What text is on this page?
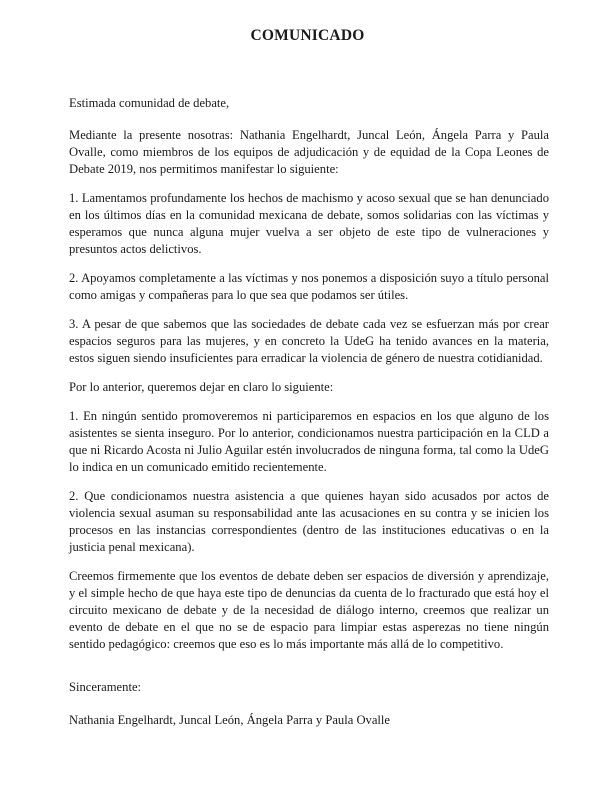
COMUNICADO

Estimada comunidad de debate,

Mediante la presente nosotras: Nathania Engelhardt, Juncal León, Ángela Parra y Paula Ovalle, como miembros de los equipos de adjudicación y de equidad de la Copa Leones de Debate 2019, nos permitimos manifestar lo siguiente:

1. Lamentamos profundamente los hechos de machismo y acoso sexual que se han denunciado en los últimos días en la comunidad mexicana de debate, somos solidarias con las víctimas y esperamos que nunca alguna mujer vuelva a ser objeto de este tipo de vulneraciones y presuntos actos delictivos.

2. Apoyamos completamente a las víctimas y nos ponemos a disposición suyo a título personal como amigas y compañeras para lo que sea que podamos ser útiles.

3. A pesar de que sabemos que las sociedades de debate cada vez se esfuerzan más por crear espacios seguros para las mujeres, y en concreto la UdeG ha tenido avances en la materia, estos siguen siendo insuficientes para erradicar la violencia de género de nuestra cotidianidad.

Por lo anterior, queremos dejar en claro lo siguiente:

1. En ningún sentido promoveremos ni participaremos en espacios en los que alguno de los asistentes se sienta inseguro. Por lo anterior, condicionamos nuestra participación en la CLD a que ni Ricardo Acosta ni Julio Aguilar estén involucrados de ninguna forma, tal como la UdeG lo indica en un comunicado emitido recientemente.

2. Que condicionamos nuestra asistencia a que quienes hayan sido acusados por actos de violencia sexual asuman su responsabilidad ante las acusaciones en su contra y se inicien los procesos en las instancias correspondientes (dentro de las instituciones educativas o en la justicia penal mexicana).

Creemos firmemente que los eventos de debate deben ser espacios de diversión y aprendizaje, y el simple hecho de que haya este tipo de denuncias da cuenta de lo fracturado que está hoy el circuito mexicano de debate y de la necesidad de diálogo interno, creemos que realizar un evento de debate en el que no se de espacio para limpiar estas asperezas no tiene ningún sentido pedagógico: creemos que eso es lo más importante más allá de lo competitivo.

Sinceramente:

Nathania Engelhardt, Juncal León, Ángela Parra y Paula Ovalle
